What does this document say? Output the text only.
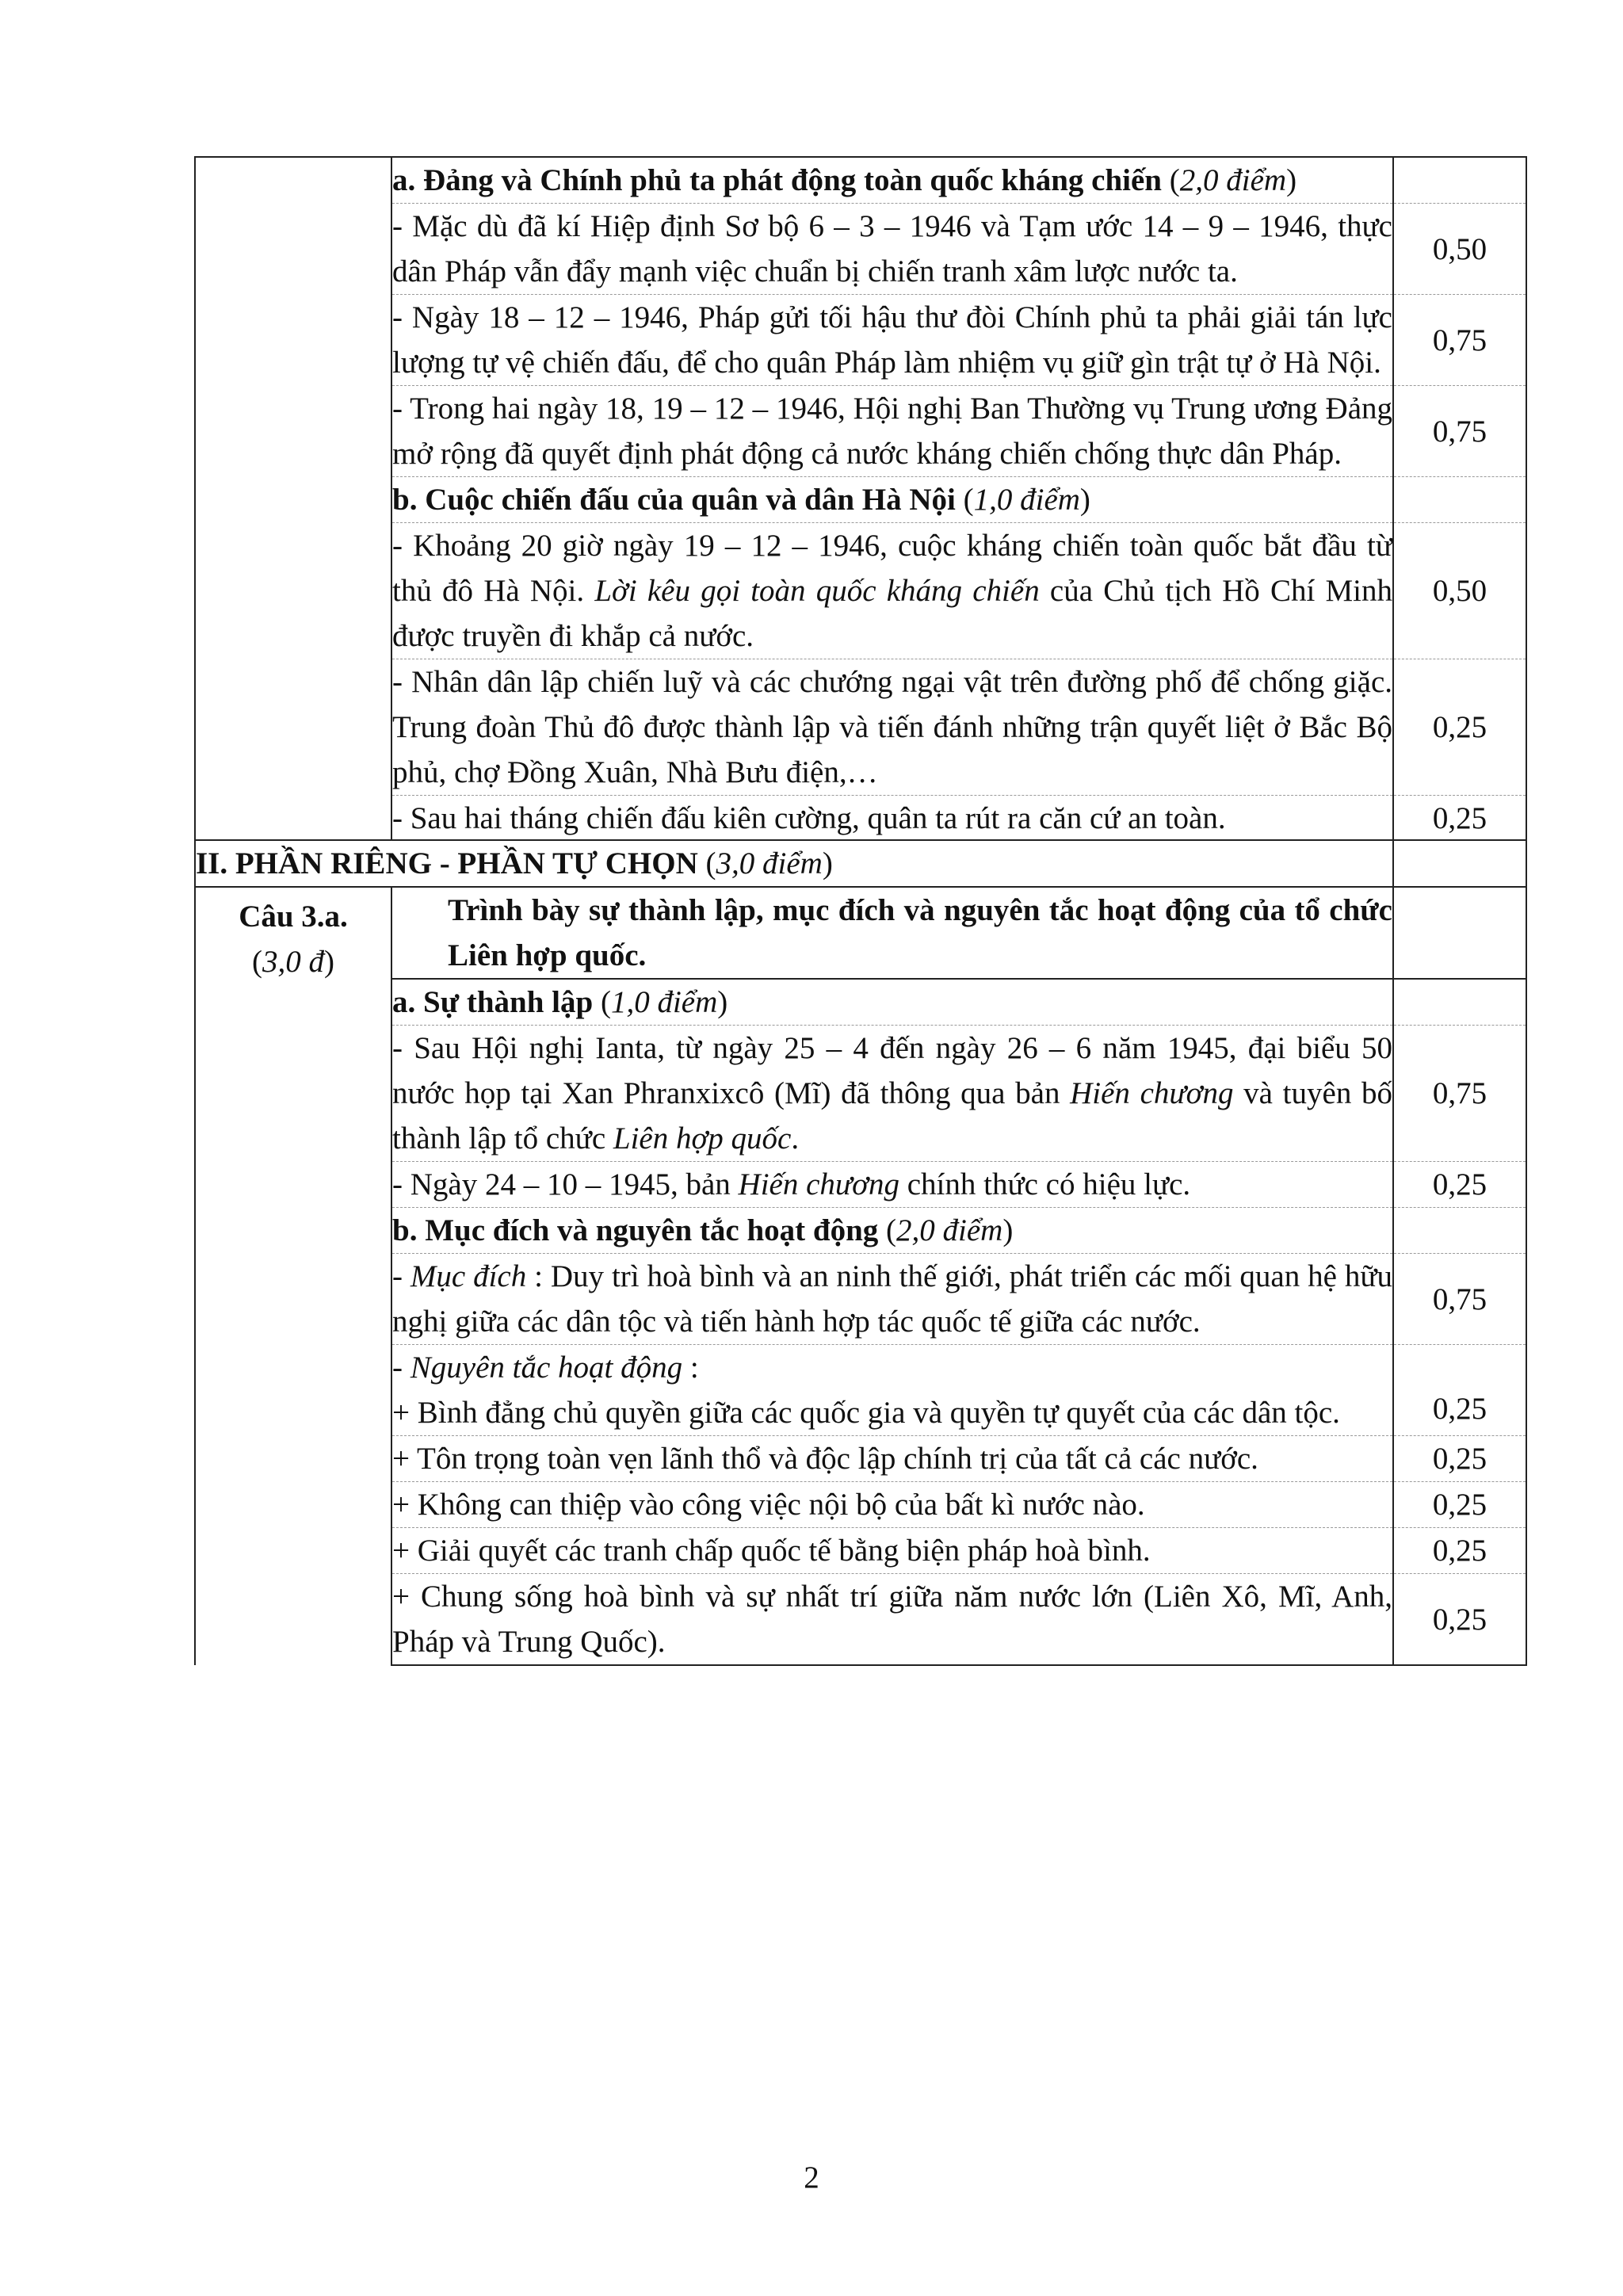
	a. Đảng và Chính phủ ta phát động toàn quốc kháng chiến (2,0 điểm)	
	- Mặc dù đã kí Hiệp định Sơ bộ 6 – 3 – 1946 và Tạm ước 14 – 9 – 1946, thực dân Pháp vẫn đẩy mạnh việc chuẩn bị chiến tranh xâm lược nước ta.	0,50
	- Ngày 18 – 12 – 1946, Pháp gửi tối hậu thư đòi Chính phủ ta phải giải tán lực lượng tự vệ chiến đấu, để cho quân Pháp làm nhiệm vụ giữ gìn trật tự ở Hà Nội.	0,75
	- Trong hai ngày 18, 19 – 12 – 1946, Hội nghị Ban Thường vụ Trung ương Đảng mở rộng đã quyết định phát động cả nước kháng chiến chống thực dân Pháp.	0,75
	b. Cuộc chiến đấu của quân và dân Hà Nội (1,0 điểm)	
	- Khoảng 20 giờ ngày 19 – 12 – 1946, cuộc kháng chiến toàn quốc bắt đầu từ thủ đô Hà Nội. Lời kêu gọi toàn quốc kháng chiến của Chủ tịch Hồ Chí Minh được truyền đi khắp cả nước.	0,50
	- Nhân dân lập chiến luỹ và các chướng ngại vật trên đường phố để chống giặc. Trung đoàn Thủ đô được thành lập và tiến đánh những trận quyết liệt ở Bắc Bộ phủ, chợ Đồng Xuân, Nhà Bưu điện,…	0,25
	- Sau hai tháng chiến đấu kiên cường, quân ta rút ra căn cứ an toàn.	0,25

II. PHẦN RIÊNG - PHẦN TỰ CHỌN (3,0 điểm)		

Câu 3.a.
(3,0 đ)	Trình bày sự thành lập, mục đích và nguyên tắc hoạt động của tổ chức Liên hợp quốc.	
	a. Sự thành lập (1,0 điểm)	
	- Sau Hội nghị Ianta, từ ngày 25 – 4 đến ngày 26 – 6 năm 1945, đại biểu 50 nước họp tại Xan Phranxixcô (Mĩ) đã thông qua bản Hiến chương và tuyên bố thành lập tổ chức Liên hợp quốc.	0,75
	- Ngày 24 – 10 – 1945, bản Hiến chương chính thức có hiệu lực.	0,25
	b. Mục đích và nguyên tắc hoạt động (2,0 điểm)	
	- Mục đích : Duy trì hoà bình và an ninh thế giới, phát triển các mối quan hệ hữu nghị giữa các dân tộc và tiến hành hợp tác quốc tế giữa các nước.	0,75

	- Nguyên tắc hoạt động :
+ Bình đẳng chủ quyền giữa các quốc gia và quyền tự quyết của các dân tộc.	0,25
	+ Tôn trọng toàn vẹn lãnh thổ và độc lập chính trị của tất cả các nước.	0,25
	+ Không can thiệp vào công việc nội bộ của bất kì nước nào.	0,25
	+ Giải quyết các tranh chấp quốc tế bằng biện pháp hoà bình.	0,25
	+ Chung sống hoà bình và sự nhất trí giữa năm nước lớn (Liên Xô, Mĩ, Anh, Pháp và Trung Quốc).	0,25
2
